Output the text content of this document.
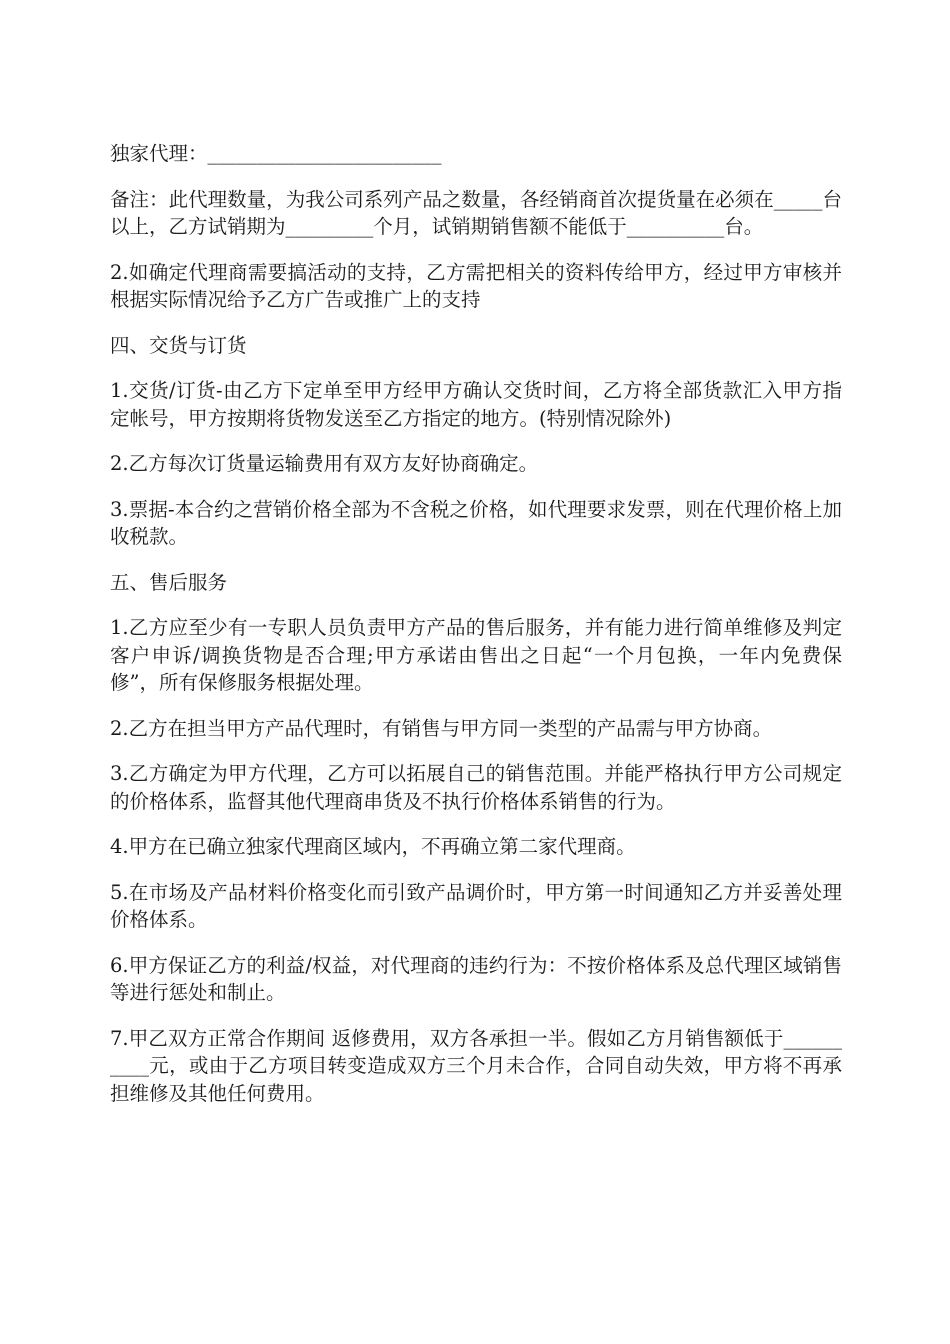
独家代理：________________________

备注：此代理数量，为我公司系列产品之数量，各经销商首次提货量在必须在_____台以上，乙方试销期为_________个月，试销期销售额不能低于__________台。

2.如确定代理商需要搞活动的支持，乙方需把相关的资料传给甲方，经过甲方审核并根据实际情况给予乙方广告或推广上的支持

四、交货与订货

1.交货/订货-由乙方下定单至甲方经甲方确认交货时间，乙方将全部货款汇入甲方指定帐号，甲方按期将货物发送至乙方指定的地方。(特别情况除外)

2.乙方每次订货量运输费用有双方友好协商确定。

3.票据-本合约之营销价格全部为不含税之价格，如代理要求发票，则在代理价格上加收税款。

五、售后服务

1.乙方应至少有一专职人员负责甲方产品的售后服务，并有能力进行简单维修及判定客户申诉/调换货物是否合理;甲方承诺由售出之日起“一个月包换，一年内免费保修”，所有保修服务根据处理。

2.乙方在担当甲方产品代理时，有销售与甲方同一类型的产品需与甲方协商。

3.乙方确定为甲方代理，乙方可以拓展自己的销售范围。并能严格执行甲方公司规定的价格体系，监督其他代理商串货及不执行价格体系销售的行为。

4.甲方在已确立独家代理商区域内，不再确立第二家代理商。

5.在市场及产品材料价格变化而引致产品调价时，甲方第一时间通知乙方并妥善处理价格体系。

6.甲方保证乙方的利益/权益，对代理商的违约行为：不按价格体系及总代理区域销售等进行惩处和制止。

7.甲乙双方正常合作期间 返修费用，双方各承担一半。假如乙方月销售额低于__________元，或由于乙方项目转变造成双方三个月未合作，合同自动失效，甲方将不再承担维修及其他任何费用。
